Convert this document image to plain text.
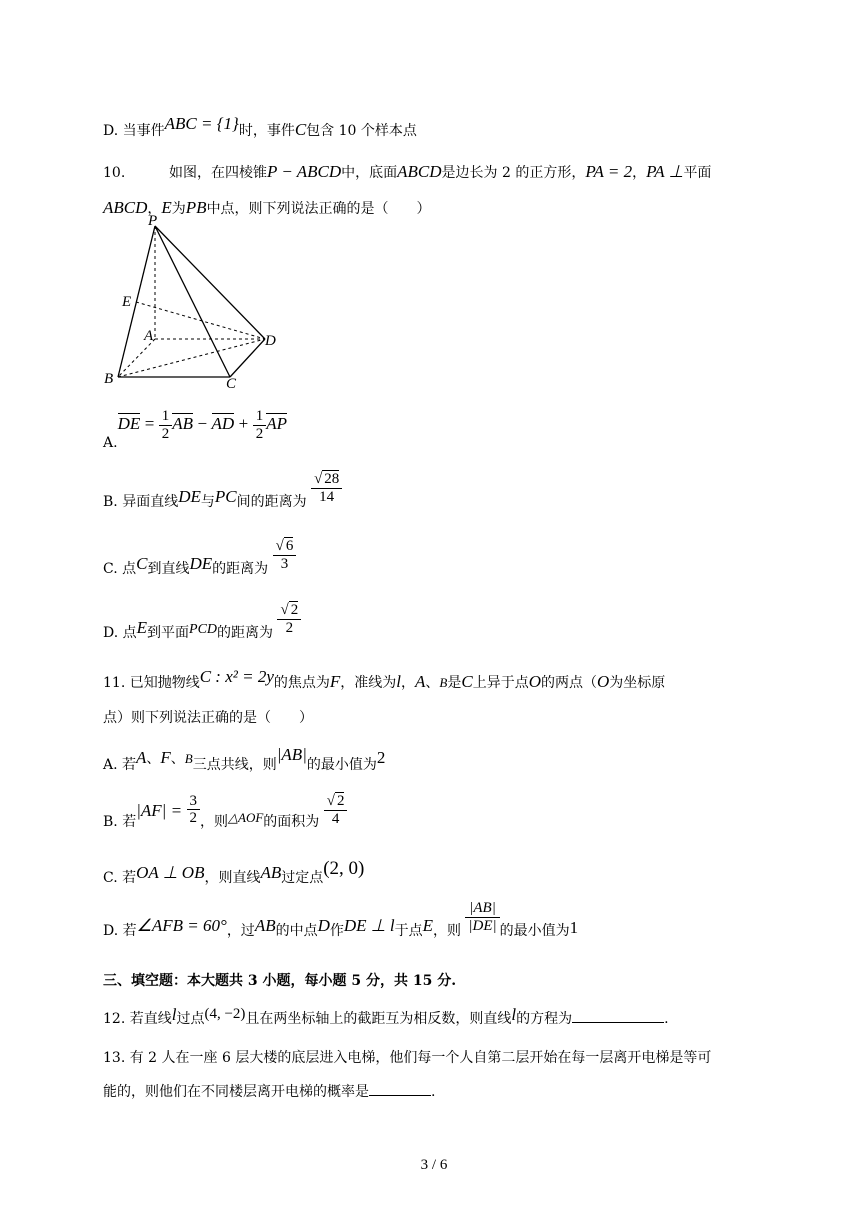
D. 当事件ABC = {1}时，事件C包含 10 个样本点
10.	如图，在四棱锥P − ABCD中，底面ABCD是边长为 2 的正方形，PA = 2，PA ⊥平面
ABCD，E为PB中点，则下列说法正确的是（　　）
P
E
A	D
B	C
$A.DE = \frac{1}{2}$ AB − AD + $\frac{1}{2}$ AP
B. 异面直线DE与PC间的距离为 $\frac{√ 28}{14}$
C. 点C到直线DE的距离为 $\frac{√ 6}{3}$
D. 点E到平面PCD的距离为 $\frac{√ 2}{2}$
11. 已知抛物线C : x² = 2y的焦点为F，准线为l，A、B是C上异于点O的两点（O为坐标原
点）则下列说法正确的是（　　）
A. 若A、F、B三点共线，则|AB|的最小值为2
B. 若$|AF| = \frac{3}{2}$ ，则△AOF的面积为 $\frac{√ 2}{4}$
C. 若OA ⊥ OB，则直线AB过定点(2, 0)
D. 若∠AFB = 60°，过AB的中点D作DE ⊥ l于点E，则 $\frac{|AB|}{|DE|}$ 的最小值为1
三、填空题：本大题共 3 小题，每小题 5 分，共 15 分.
12. 若直线l过点(4, −2)且在两坐标轴上的截距互为相反数，则直线l的方程为	.
13. 有 2 人在一座 6 层大楼的底层进入电梯，他们每一个人自第二层开始在每一层离开电梯是等可
能的，则他们在不同楼层离开电梯的概率是	.
3 / 6
